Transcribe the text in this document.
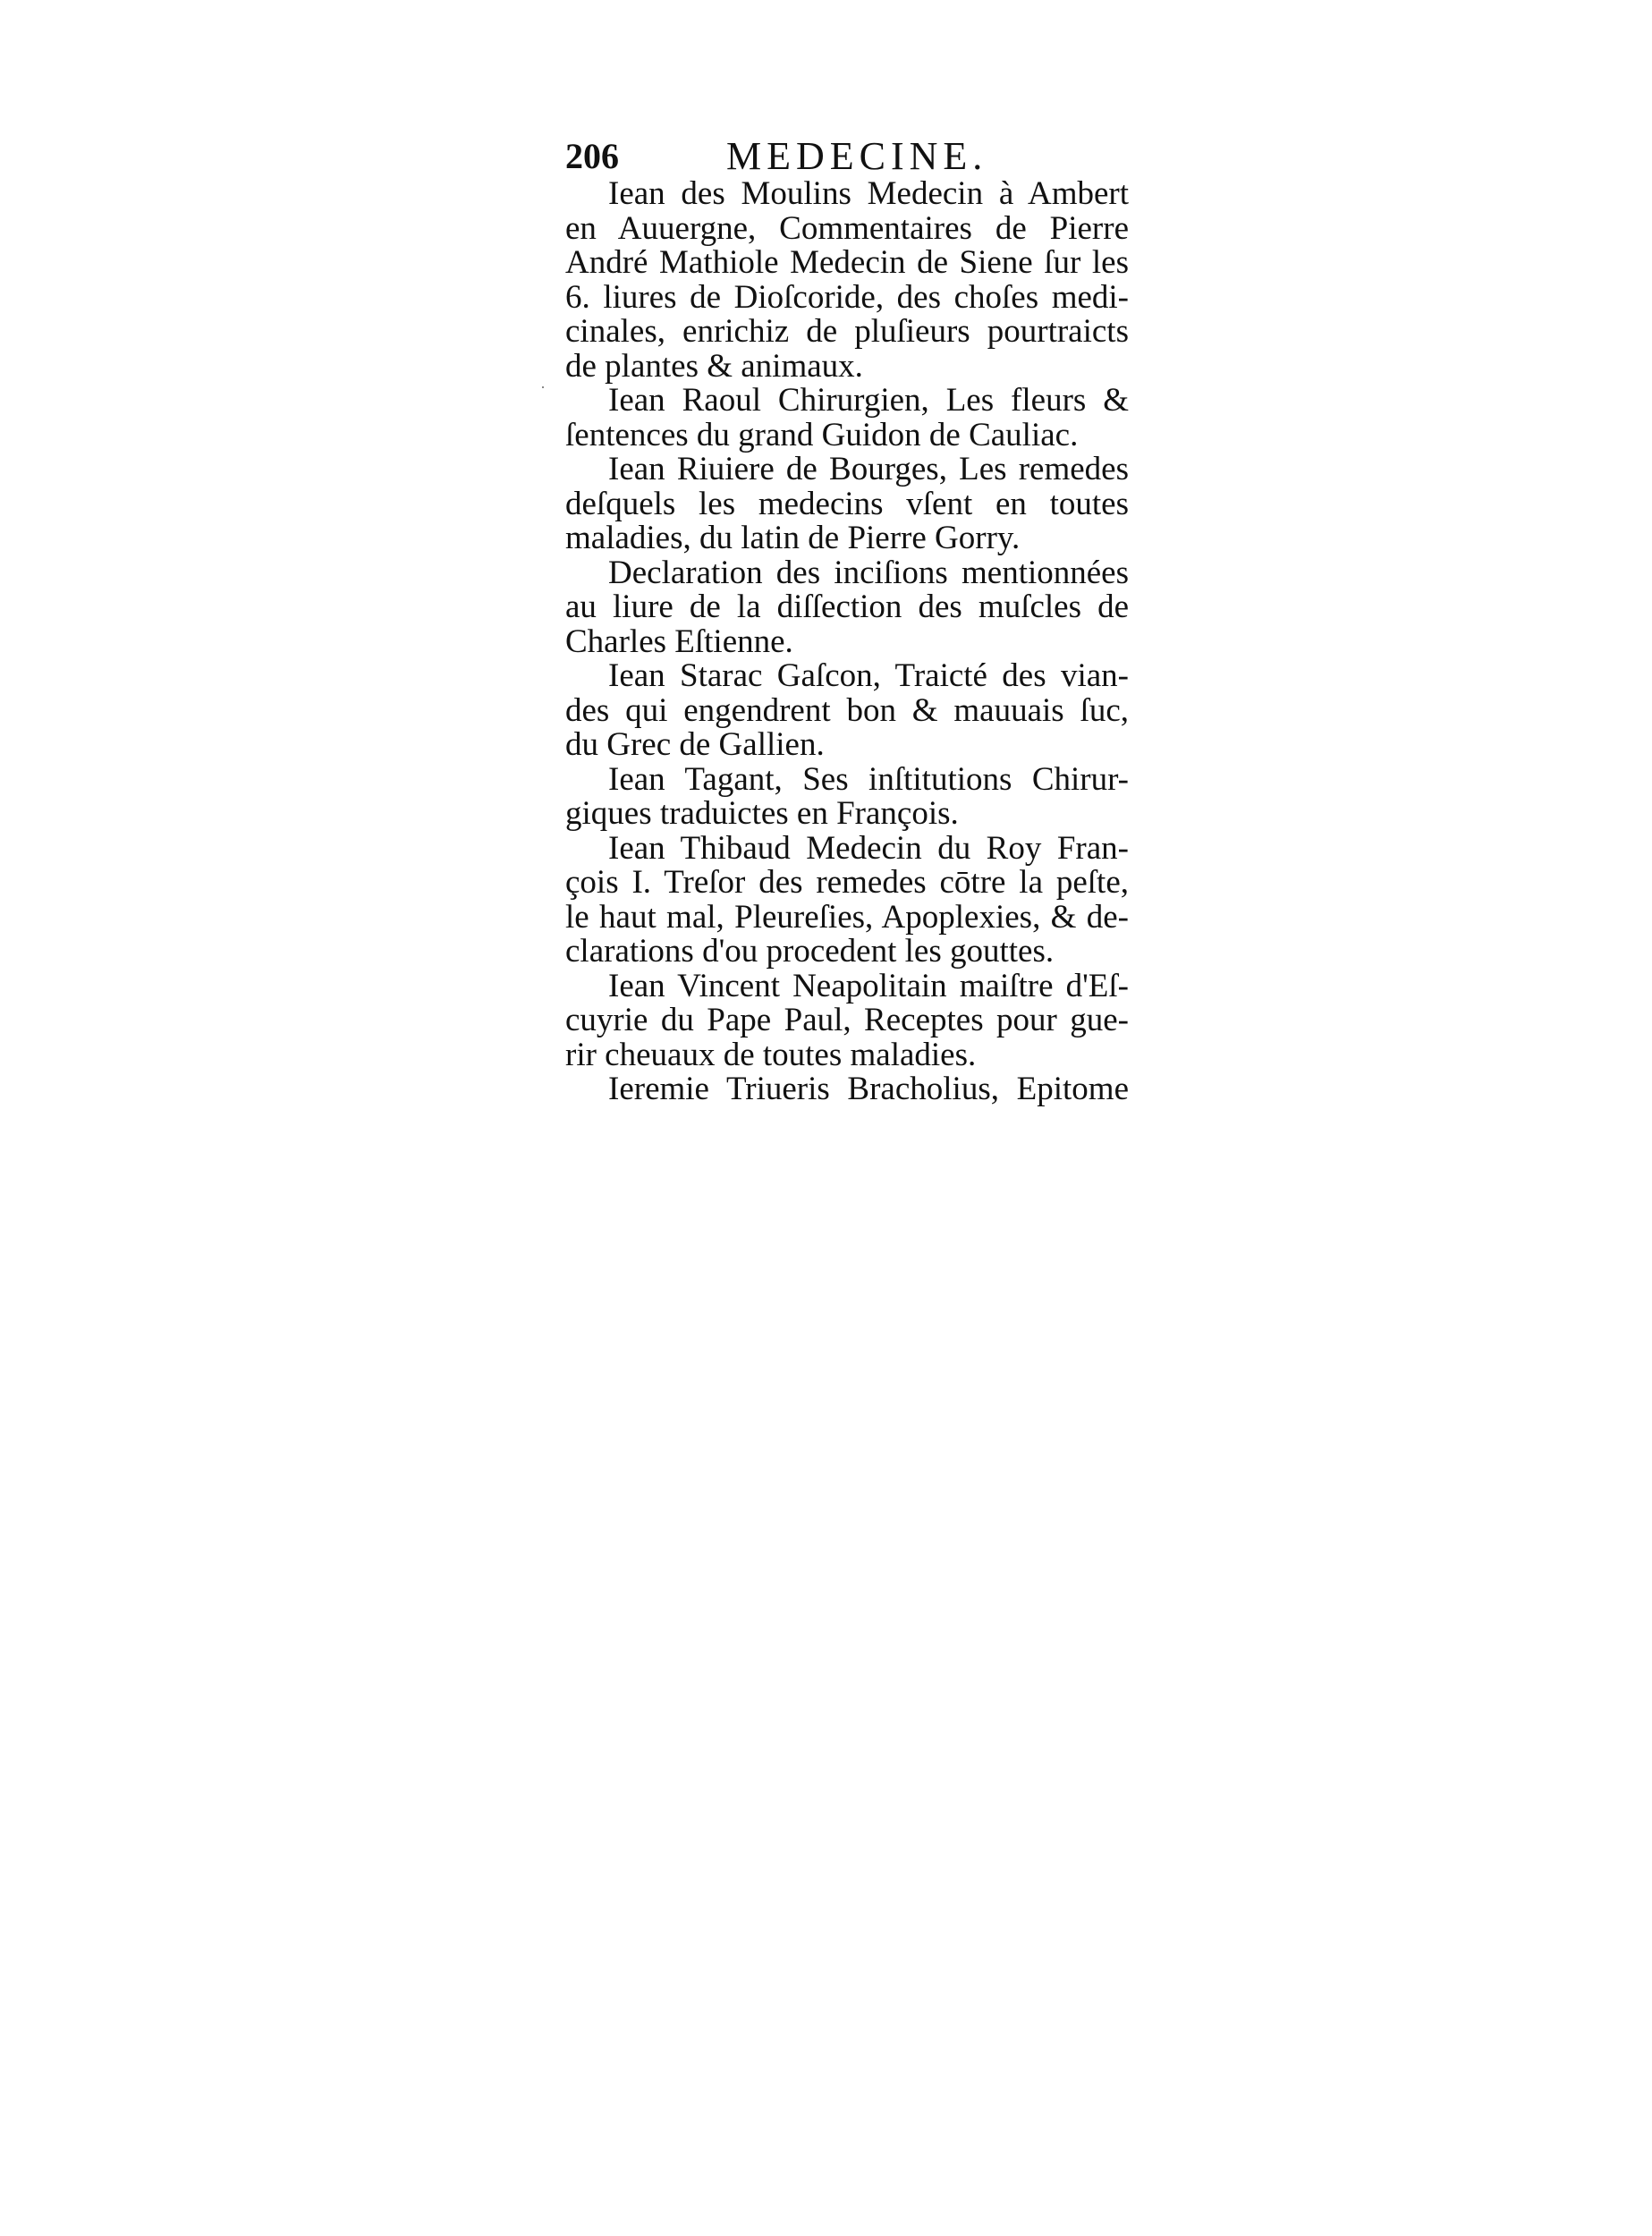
206	MEDECINE.
Iean des Moulins Medecin à Ambert
en Auuergne, Commentaires de Pierre
André Mathiole Medecin de Siene ſur les
6. liures de Dioſcoride, des choſes medi-
cinales, enrichiz de pluſieurs pourtraicts
de plantes & animaux.
Iean Raoul Chirurgien, Les fleurs &
ſentences du grand Guidon de Cauliac.
Iean Riuiere de Bourges, Les remedes
deſquels les medecins vſent en toutes
maladies, du latin de Pierre Gorry.
Declaration des inciſions mentionnées
au liure de la diſſection des muſcles de
Charles Eſtienne.
Iean Starac Gaſcon, Traicté des vian-
des qui engendrent bon & mauuais ſuc,
du Grec de Gallien.
Iean Tagant, Ses inſtitutions Chirur-
giques traduictes en François.
Iean Thibaud Medecin du Roy Fran-
çois I. Treſor des remedes cōtre la peſte,
le haut mal, Pleureſies, Apoplexies, & de-
clarations d'ou procedent les gouttes.
Iean Vincent Neapolitain maiſtre d'Eſ-
cuyrie du Pape Paul, Receptes pour gue-
rir cheuaux de toutes maladies.
Ieremie Triueris Bracholius, Epitome
